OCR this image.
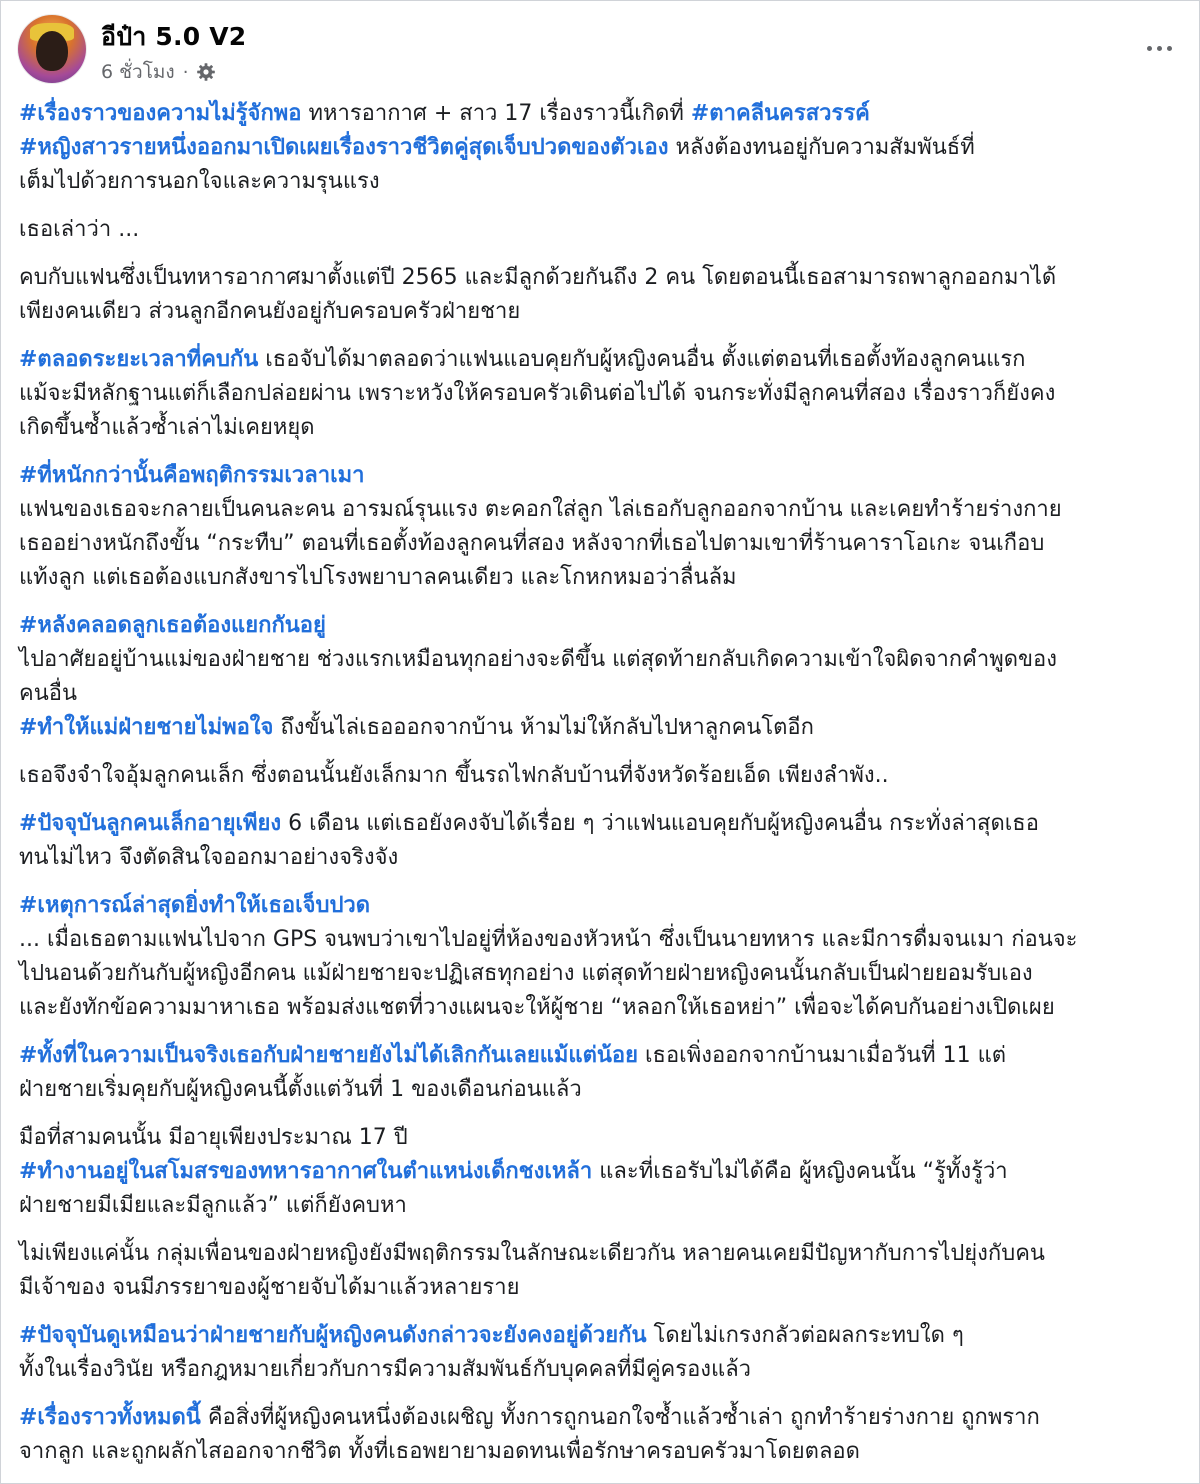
อีป๋า 5.0 V2
6 ชั่วโมง ·
#เรื่องราวของความไม่รู้จักพอ ทหารอากาศ + สาว 17 เรื่องราวนี้เกิดที่ #ตาคลีนครสวรรค์
#หญิงสาวรายหนึ่งออกมาเปิดเผยเรื่องราวชีวิตคู่สุดเจ็บปวดของตัวเอง หลังต้องทนอยู่กับความสัมพันธ์ที่
เต็มไปด้วยการนอกใจและความรุนแรง
เธอเล่าว่า ...
คบกับแฟนซึ่งเป็นทหารอากาศมาตั้งแต่ปี 2565 และมีลูกด้วยกันถึง 2 คน โดยตอนนี้เธอสามารถพาลูกออกมาได้
เพียงคนเดียว ส่วนลูกอีกคนยังอยู่กับครอบครัวฝ่ายชาย
#ตลอดระยะเวลาที่คบกัน เธอจับได้มาตลอดว่าแฟนแอบคุยกับผู้หญิงคนอื่น ตั้งแต่ตอนที่เธอตั้งท้องลูกคนแรก
แม้จะมีหลักฐานแต่ก็เลือกปล่อยผ่าน เพราะหวังให้ครอบครัวเดินต่อไปได้ จนกระทั่งมีลูกคนที่สอง เรื่องราวก็ยังคง
เกิดขึ้นซ้ำแล้วซ้ำเล่าไม่เคยหยุด
#ที่หนักกว่านั้นคือพฤติกรรมเวลาเมา
แฟนของเธอจะกลายเป็นคนละคน อารมณ์รุนแรง ตะคอกใส่ลูก ไล่เธอกับลูกออกจากบ้าน และเคยทำร้ายร่างกาย
เธออย่างหนักถึงขั้น “กระทืบ” ตอนที่เธอตั้งท้องลูกคนที่สอง หลังจากที่เธอไปตามเขาที่ร้านคาราโอเกะ จนเกือบ
แท้งลูก แต่เธอต้องแบกสังขารไปโรงพยาบาลคนเดียว และโกหกหมอว่าลื่นล้ม
#หลังคลอดลูกเธอต้องแยกกันอยู่
ไปอาศัยอยู่บ้านแม่ของฝ่ายชาย ช่วงแรกเหมือนทุกอย่างจะดีขึ้น แต่สุดท้ายกลับเกิดความเข้าใจผิดจากคำพูดของ
คนอื่น
#ทำให้แม่ฝ่ายชายไม่พอใจ ถึงขั้นไล่เธอออกจากบ้าน ห้ามไม่ให้กลับไปหาลูกคนโตอีก
เธอจึงจำใจอุ้มลูกคนเล็ก ซึ่งตอนนั้นยังเล็กมาก ขึ้นรถไฟกลับบ้านที่จังหวัดร้อยเอ็ด เพียงลำพัง..
#ปัจจุบันลูกคนเล็กอายุเพียง 6 เดือน แต่เธอยังคงจับได้เรื่อย ๆ ว่าแฟนแอบคุยกับผู้หญิงคนอื่น กระทั่งล่าสุดเธอ
ทนไม่ไหว จึงตัดสินใจออกมาอย่างจริงจัง
#เหตุการณ์ล่าสุดยิ่งทำให้เธอเจ็บปวด
... เมื่อเธอตามแฟนไปจาก GPS จนพบว่าเขาไปอยู่ที่ห้องของหัวหน้า ซึ่งเป็นนายทหาร และมีการดื่มจนเมา ก่อนจะ
ไปนอนด้วยกันกับผู้หญิงอีกคน แม้ฝ่ายชายจะปฏิเสธทุกอย่าง แต่สุดท้ายฝ่ายหญิงคนนั้นกลับเป็นฝ่ายยอมรับเอง
และยังทักข้อความมาหาเธอ พร้อมส่งแชตที่วางแผนจะให้ผู้ชาย “หลอกให้เธอหย่า” เพื่อจะได้คบกันอย่างเปิดเผย
#ทั้งที่ในความเป็นจริงเธอกับฝ่ายชายยังไม่ได้เลิกกันเลยแม้แต่น้อย เธอเพิ่งออกจากบ้านมาเมื่อวันที่ 11 แต่
ฝ่ายชายเริ่มคุยกับผู้หญิงคนนี้ตั้งแต่วันที่ 1 ของเดือนก่อนแล้ว
มือที่สามคนนั้น มีอายุเพียงประมาณ 17 ปี
#ทำงานอยู่ในสโมสรของทหารอากาศในตำแหน่งเด็กชงเหล้า และที่เธอรับไม่ได้คือ ผู้หญิงคนนั้น “รู้ทั้งรู้ว่า
ฝ่ายชายมีเมียและมีลูกแล้ว” แต่ก็ยังคบหา
ไม่เพียงแค่นั้น กลุ่มเพื่อนของฝ่ายหญิงยังมีพฤติกรรมในลักษณะเดียวกัน หลายคนเคยมีปัญหากับการไปยุ่งกับคน
มีเจ้าของ จนมีภรรยาของผู้ชายจับได้มาแล้วหลายราย
#ปัจจุบันดูเหมือนว่าฝ่ายชายกับผู้หญิงคนดังกล่าวจะยังคงอยู่ด้วยกัน โดยไม่เกรงกลัวต่อผลกระทบใด ๆ
ทั้งในเรื่องวินัย หรือกฎหมายเกี่ยวกับการมีความสัมพันธ์กับบุคคลที่มีคู่ครองแล้ว
#เรื่องราวทั้งหมดนี้ คือสิ่งที่ผู้หญิงคนหนึ่งต้องเผชิญ ทั้งการถูกนอกใจซ้ำแล้วซ้ำเล่า ถูกทำร้ายร่างกาย ถูกพราก
จากลูก และถูกผลักไสออกจากชีวิต ทั้งที่เธอพยายามอดทนเพื่อรักษาครอบครัวมาโดยตลอด
